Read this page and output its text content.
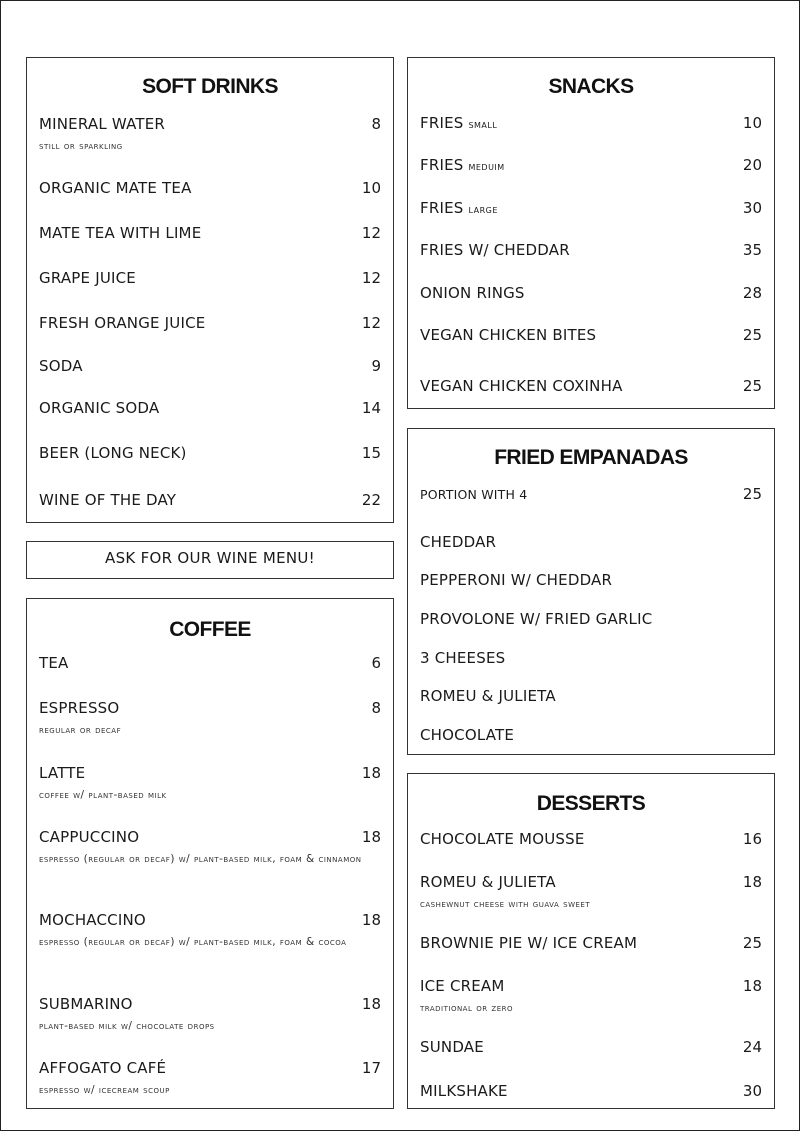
SOFT DRINKS
MINERAL WATER	8
still or sparkling
ORGANIC MATE TEA	10
MATE TEA WITH LIME	12
GRAPE JUICE	12
FRESH ORANGE JUICE	12
SODA	9
ORGANIC SODA	14
BEER (LONG NECK)	15
WINE OF THE DAY	22
ASK FOR OUR WINE MENU!
COFFEE
TEA	6
ESPRESSO	8
regular or decaf
LATTE	18
coffee w/ plant-based milk
CAPPUCCINO	18
espresso (regular or decaf) w/ plant-based milk, foam & cinnamon
MOCHACCINO	18
espresso (regular or decaf) w/ plant-based milk, foam & cocoa
SUBMARINO	18
plant-based milk w/ chocolate drops
AFFOGATO CAFÉ	17
espresso w/ icecream scoup
SNACKS
FRIES small	10
FRIES meduim	20
FRIES large	30
FRIES W/ CHEDDAR	35
ONION RINGS	28
VEGAN CHICKEN BITES	25
VEGAN CHICKEN COXINHA	25
FRIED EMPANADAS
PORTION WITH 4	25
CHEDDAR
PEPPERONI W/ CHEDDAR
PROVOLONE W/ FRIED GARLIC
3 CHEESES
ROMEU & JULIETA
CHOCOLATE
DESSERTS
CHOCOLATE MOUSSE	16
ROMEU & JULIETA	18
cashewnut cheese with guava sweet
BROWNIE PIE W/ ICE CREAM	25
ICE CREAM	18
traditional or zero
SUNDAE	24
MILKSHAKE	30
